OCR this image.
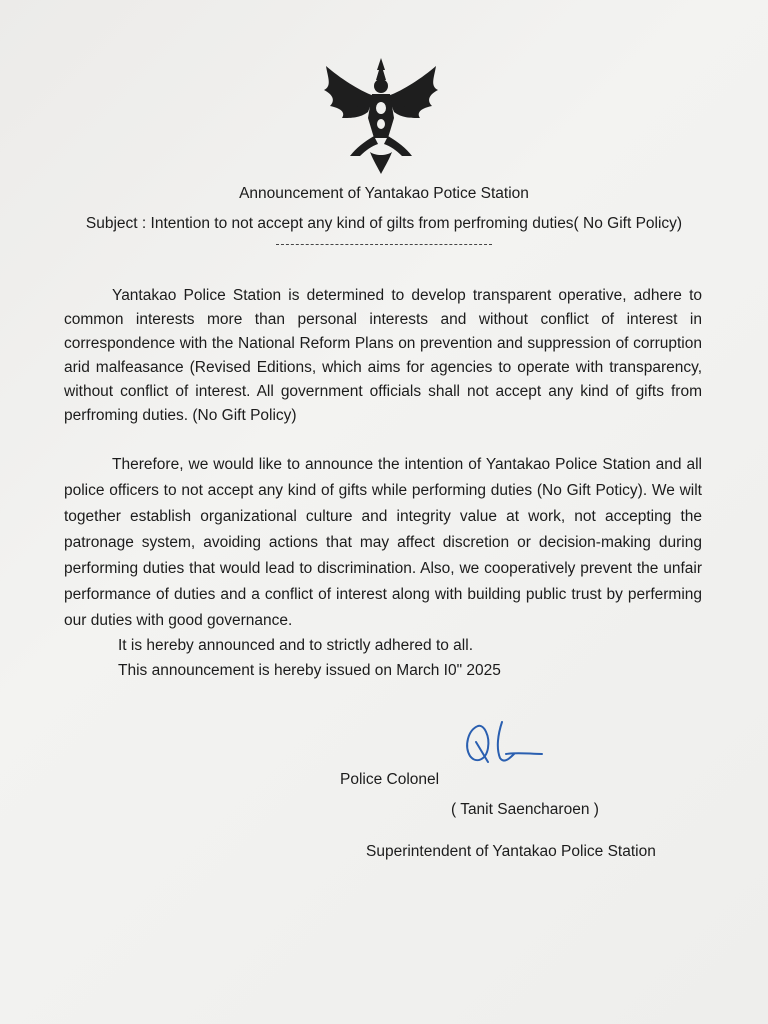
Announcement of Yantakao Potice Station
Subject : Intention to not accept any kind of gilts from perfroming duties( No Gift Policy)

Yantakao Police Station is determined to develop transparent operative, adhere to common interests more than personal interests and without conflict of interest in correspondence with the National Reform Plans on prevention and suppression of corruption arid malfeasance (Revised Editions, which aims for agencies to operate with transparency, without conflict of interest. All government officials shall not accept any kind of gifts from perfroming duties. (No Gift Policy)

Therefore, we would like to announce the intention of Yantakao Police Station and all police officers to not accept any kind of gifts while performing duties (No Gift Poticy). We wilt together establish organizational culture and integrity value at work, not accepting the patronage system, avoiding actions that may affect discretion or decision-making during performing duties that would lead to discrimination. Also, we cooperatively prevent the unfair performance of duties and a conflict of interest along with building public trust by perferming our duties with good governance.

It is hereby announced and to strictly adhered to all.
This announcement is hereby issued on March I0" 2025
Police Colonel
( Tanit Saencharoen )
Superintendent of Yantakao Police Station
